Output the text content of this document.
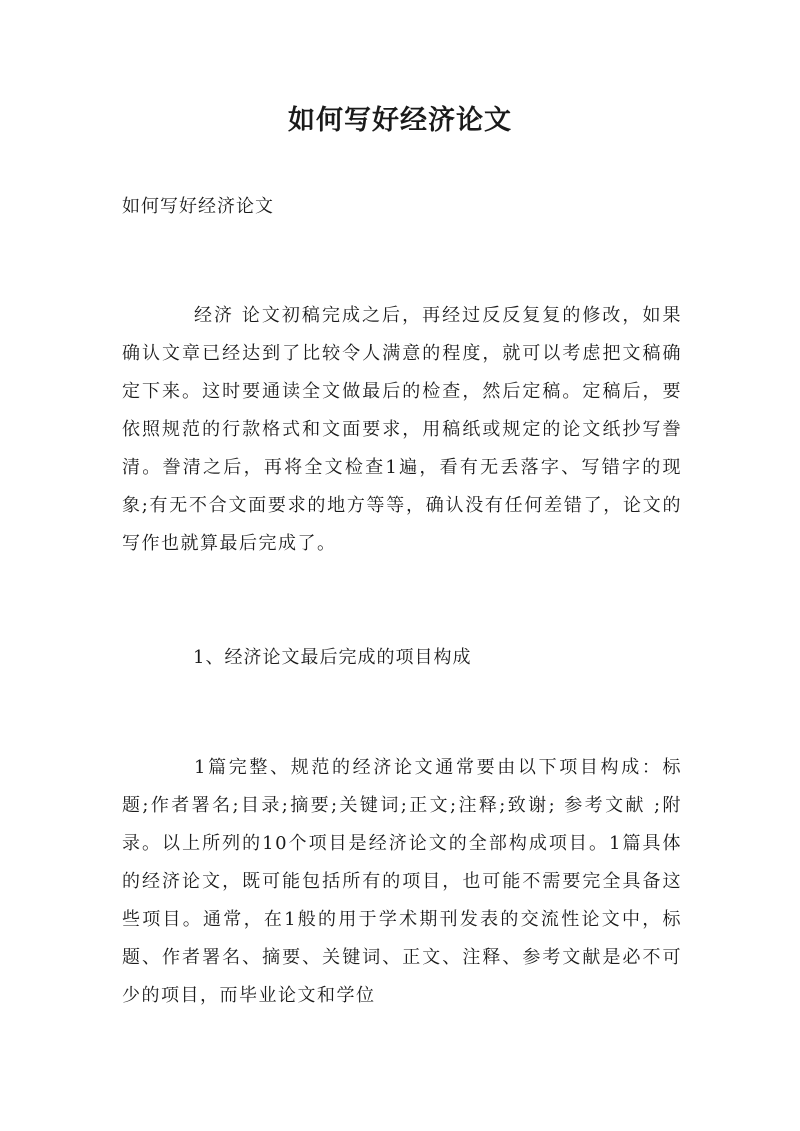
如何写好经济论文

如何写好经济论文

经济 论文初稿完成之后，再经过反反复复的修改，如果确认文章已经达到了比较令人满意的程度，就可以考虑把文稿确定下来。这时要通读全文做最后的检查，然后定稿。定稿后，要依照规范的行款格式和文面要求，用稿纸或规定的论文纸抄写誊清。誊清之后，再将全文检查1遍，看有无丢落字、写错字的现象;有无不合文面要求的地方等等，确认没有任何差错了，论文的写作也就算最后完成了。

1、经济论文最后完成的项目构成

1篇完整、规范的经济论文通常要由以下项目构成：标题;作者署名;目录;摘要;关键词;正文;注释;致谢; 参考文献 ;附录。以上所列的10个项目是经济论文的全部构成项目。1篇具体的经济论文，既可能包括所有的项目，也可能不需要完全具备这些项目。通常，在1般的用于学术期刊发表的交流性论文中，标题、作者署名、摘要、关键词、正文、注释、参考文献是必不可少的项目，而毕业论文和学位
